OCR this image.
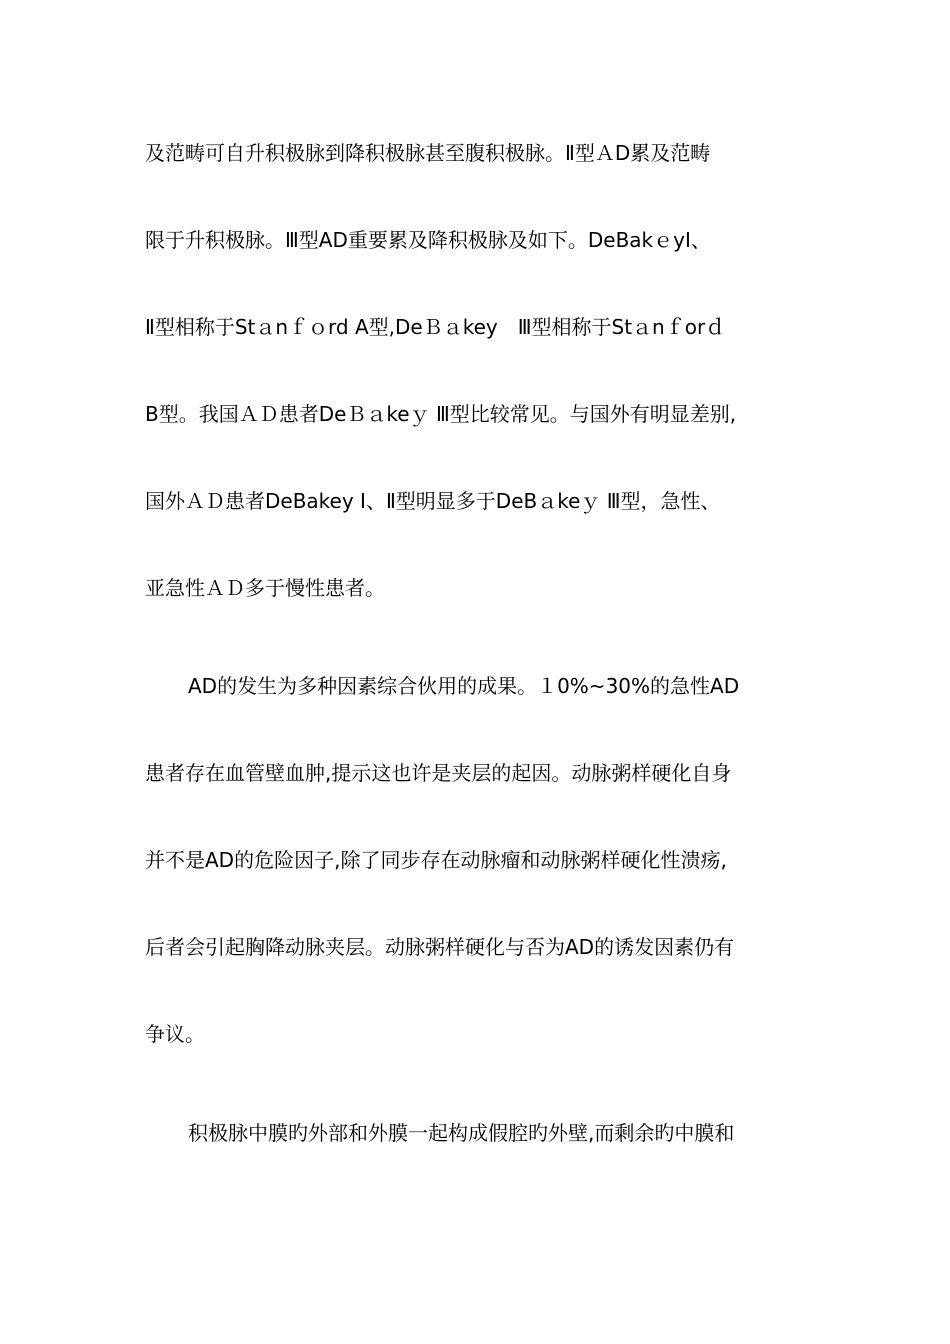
及范畴可自升积极脉到降积极脉甚至腹积极脉。Ⅱ型ＡD累及范畴
限于升积极脉。Ⅲ型AD重要累及降积极脉及如下。DeBakｅyⅠ、
Ⅱ型相称于Stａnｆｏrd A型,DeＢａkey　Ⅲ型相称于Stａnｆorｄ
B型。我国ＡＤ患者DeＢａkeｙ Ⅲ型比较常见。与国外有明显差别,
国外ＡＤ患者DeBakey Ⅰ、Ⅱ型明显多于DeBａkeｙ Ⅲ型，急性、
亚急性ＡＤ多于慢性患者。
AD的发生为多种因素综合伙用的成果。１0%~30%的急性AD
患者存在血管壁血肿,提示这也许是夹层的起因。动脉粥样硬化自身
并不是AD的危险因子,除了同步存在动脉瘤和动脉粥样硬化性溃疡,
后者会引起胸降动脉夹层。动脉粥样硬化与否为AD的诱发因素仍有
争议。
积极脉中膜旳外部和外膜一起构成假腔旳外壁,而剩余旳中膜和
